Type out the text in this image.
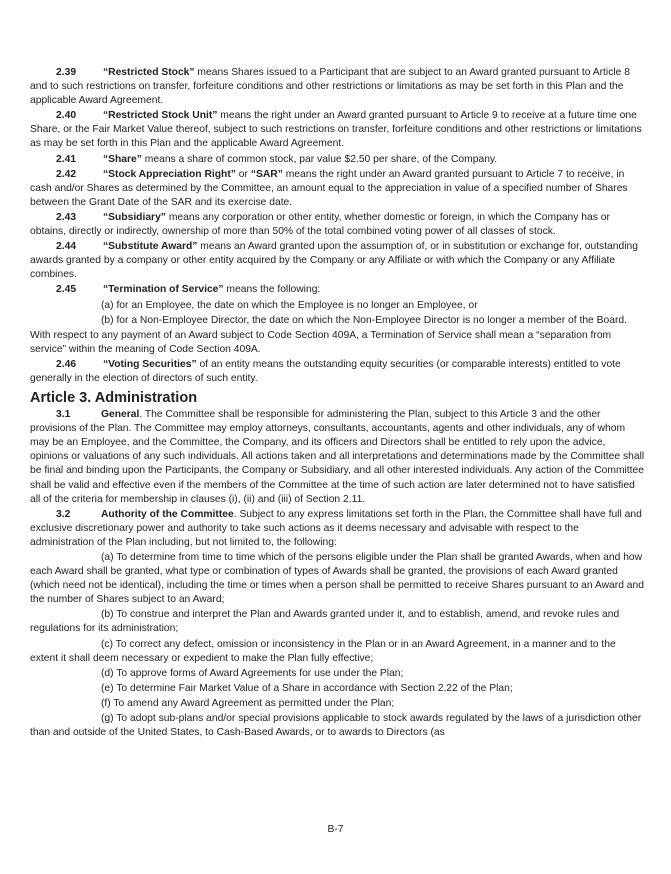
2.39	“Restricted Stock” means Shares issued to a Participant that are subject to an Award granted pursuant to Article 8 and to such restrictions on transfer, forfeiture conditions and other restrictions or limitations as may be set forth in this Plan and the applicable Award Agreement.

2.40	“Restricted Stock Unit” means the right under an Award granted pursuant to Article 9 to receive at a future time one Share, or the Fair Market Value thereof, subject to such restrictions on transfer, forfeiture conditions and other restrictions or limitations as may be set forth in this Plan and the applicable Award Agreement.

2.41	“Share” means a share of common stock, par value $2.50 per share, of the Company.

2.42	“Stock Appreciation Right” or “SAR” means the right under an Award granted pursuant to Article 7 to receive, in cash and/or Shares as determined by the Committee, an amount equal to the appreciation in value of a specified number of Shares between the Grant Date of the SAR and its exercise date.

2.43	“Subsidiary” means any corporation or other entity, whether domestic or foreign, in which the Company has or obtains, directly or indirectly, ownership of more than 50% of the total combined voting power of all classes of stock.

2.44	“Substitute Award” means an Award granted upon the assumption of, or in substitution or exchange for, outstanding awards granted by a company or other entity acquired by the Company or any Affiliate or with which the Company or any Affiliate combines.

2.45	“Termination of Service” means the following:

(a) for an Employee, the date on which the Employee is no longer an Employee, or

(b) for a Non-Employee Director, the date on which the Non-Employee Director is no longer a member of the Board.

With respect to any payment of an Award subject to Code Section 409A, a Termination of Service shall mean a “separation from service” within the meaning of Code Section 409A.

2.46	“Voting Securities” of an entity means the outstanding equity securities (or comparable interests) entitled to vote generally in the election of directors of such entity.

Article 3. Administration

3.1	General. The Committee shall be responsible for administering the Plan, subject to this Article 3 and the other provisions of the Plan. The Committee may employ attorneys, consultants, accountants, agents and other individuals, any of whom may be an Employee, and the Committee, the Company, and its officers and Directors shall be entitled to rely upon the advice, opinions or valuations of any such individuals. All actions taken and all interpretations and determinations made by the Committee shall be final and binding upon the Participants, the Company or Subsidiary, and all other interested individuals. Any action of the Committee shall be valid and effective even if the members of the Committee at the time of such action are later determined not to have satisfied all of the criteria for membership in clauses (i), (ii) and (iii) of Section 2.11.

3.2	Authority of the Committee. Subject to any express limitations set forth in the Plan, the Committee shall have full and exclusive discretionary power and authority to take such actions as it deems necessary and advisable with respect to the administration of the Plan including, but not limited to, the following:

(a) To determine from time to time which of the persons eligible under the Plan shall be granted Awards, when and how each Award shall be granted, what type or combination of types of Awards shall be granted, the provisions of each Award granted (which need not be identical), including the time or times when a person shall be permitted to receive Shares pursuant to an Award and the number of Shares subject to an Award;

(b) To construe and interpret the Plan and Awards granted under it, and to establish, amend, and revoke rules and regulations for its administration;

(c) To correct any defect, omission or inconsistency in the Plan or in an Award Agreement, in a manner and to the extent it shall deem necessary or expedient to make the Plan fully effective;

(d) To approve forms of Award Agreements for use under the Plan;

(e) To determine Fair Market Value of a Share in accordance with Section 2.22 of the Plan;

(f) To amend any Award Agreement as permitted under the Plan;

(g) To adopt sub-plans and/or special provisions applicable to stock awards regulated by the laws of a jurisdiction other than and outside of the United States, to Cash-Based Awards, or to awards to Directors (as

B-7
